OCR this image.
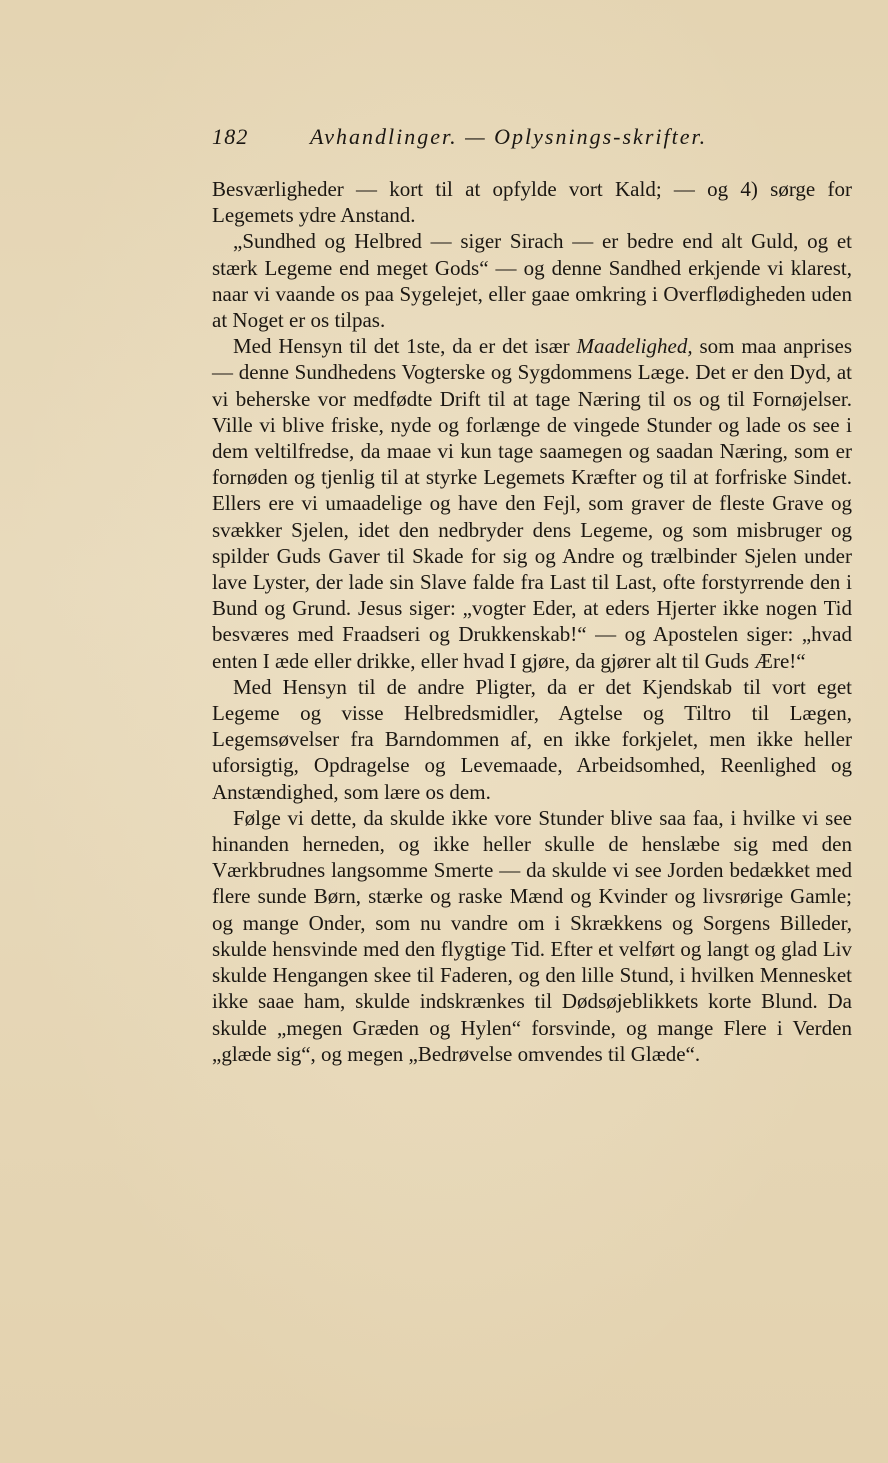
182	Avhandlinger. — Oplysnings-skrifter.

Besværligheder — kort til at opfylde vort Kald; — og 4) sørge for Legemets ydre Anstand.

„Sundhed og Helbred — siger Sirach — er bedre end alt Guld, og et stærk Legeme end meget Gods“ — og denne Sandhed erkjende vi klarest, naar vi vaande os paa Sygelejet, eller gaae omkring i Overflødigheden uden at Noget er os tilpas.

Med Hensyn til det 1ste, da er det især Maadelighed, som maa anprises — denne Sundhedens Vogterske og Sygdommens Læge. Det er den Dyd, at vi beherske vor medfødte Drift til at tage Næring til os og til Fornøjelser. Ville vi blive friske, nyde og forlænge de vingede Stunder og lade os see i dem veltilfredse, da maae vi kun tage saamegen og saadan Næring, som er fornøden og tjenlig til at styrke Legemets Kræfter og til at forfriske Sindet. Ellers ere vi umaadelige og have den Fejl, som graver de fleste Grave og svækker Sjelen, idet den nedbryder dens Legeme, og som misbruger og spilder Guds Gaver til Skade for sig og Andre og trælbinder Sjelen under lave Lyster, der lade sin Slave falde fra Last til Last, ofte forstyrrende den i Bund og Grund. Jesus siger: „vogter Eder, at eders Hjerter ikke nogen Tid besværes med Fraadseri og Drukkenskab!“ — og Apostelen siger: „hvad enten I æde eller drikke, eller hvad I gjøre, da gjører alt til Guds Ære!“

Med Hensyn til de andre Pligter, da er det Kjendskab til vort eget Legeme og visse Helbredsmidler, Agtelse og Tiltro til Lægen, Legemsøvelser fra Barndommen af, en ikke forkjelet, men ikke heller uforsigtig, Opdragelse og Levemaade, Arbeidsomhed, Reenlighed og Anstændighed, som lære os dem.

Følge vi dette, da skulde ikke vore Stunder blive saa faa, i hvilke vi see hinanden herneden, og ikke heller skulle de henslæbe sig med den Værkbrudnes langsomme Smerte — da skulde vi see Jorden bedækket med flere sunde Børn, stærke og raske Mænd og Kvinder og livsrørige Gamle; og mange Onder, som nu vandre om i Skrækkens og Sorgens Billeder, skulde hensvinde med den flygtige Tid. Efter et velført og langt og glad Liv skulde Hengangen skee til Faderen, og den lille Stund, i hvilken Mennesket ikke saae ham, skulde indskrænkes til Dødsøjeblikkets korte Blund. Da skulde „megen Græden og Hylen“ forsvinde, og mange Flere i Verden „glæde sig“, og megen „Bedrøvelse omvendes til Glæde“.
